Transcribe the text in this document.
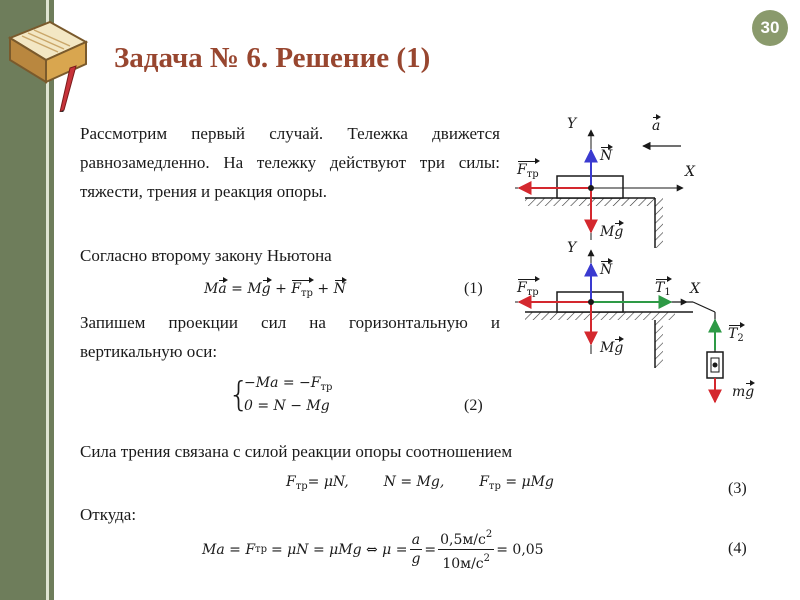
30
Задача № 6. Решение (1)
Рассмотрим первый случай. Тележка движется равнозамедленно. На тележку действуют три силы: тяжести, трения и реакция опоры.
Согласно второму закону Ньютона
Запишем проекции сил на горизонтальную и вертикальную оси:
Сила трения связана с силой реакции опоры соотношением
Откуда:
$Ma = Mg + F_{тр} + N$	(1)
{
$-Ma = -F_{тр}$
0 = N − Mg	(2)
$F_{тр}= \mu N$, N = Mg, $F_{тр} = \mu Mg$	(3)
Ma = F тр = μN = μMg ⇔ $\mu = \frac{a}{g} = \frac{0,5м/с^2}{10м/с^2} = 0,05$	(4)
Y
X
a
N
$F_{тр}$
Mg
Y
X
N
$F_{тр}$	$T_1$
Mg
$T_2$
mg
